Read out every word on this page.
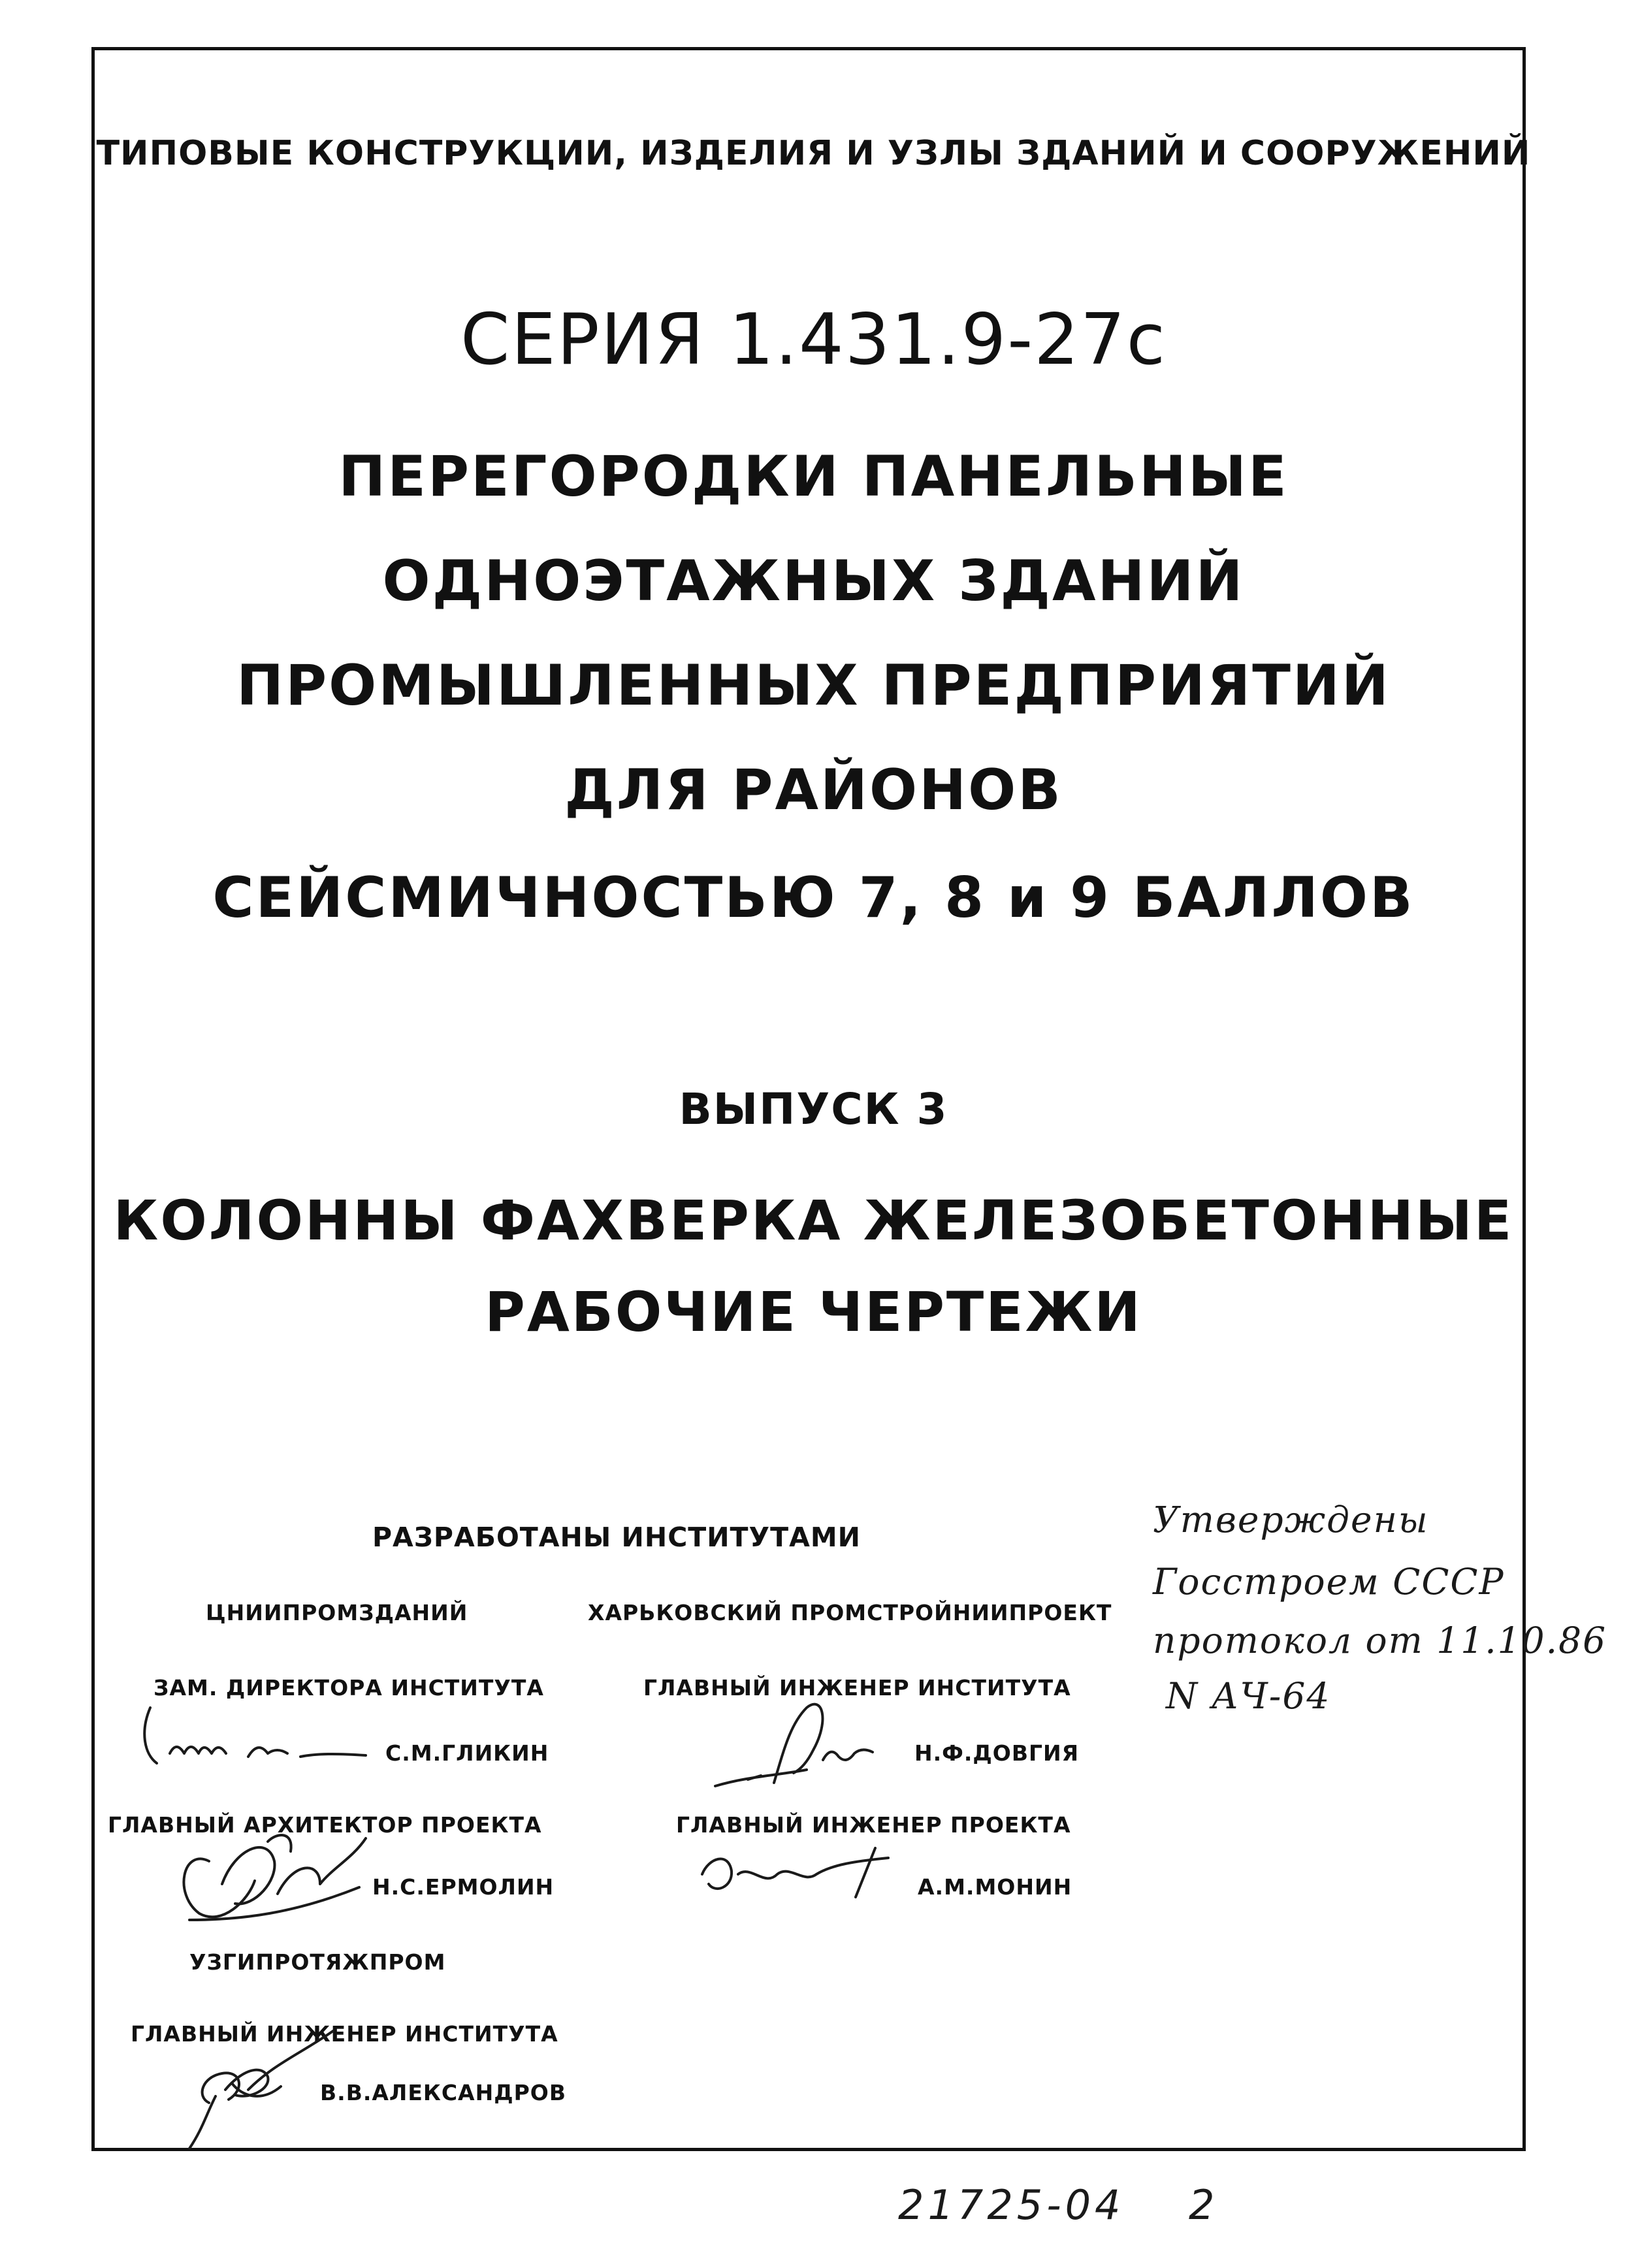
ТИПОВЫЕ КОНСТРУКЦИИ, ИЗДЕЛИЯ И УЗЛЫ ЗДАНИЙ И СООРУЖЕНИЙ
СЕРИЯ 1.431.9-27с
ПЕРЕГОРОДКИ ПАНЕЛЬНЫЕ
ОДНОЭТАЖНЫХ ЗДАНИЙ
ПРОМЫШЛЕННЫХ ПРЕДПРИЯТИЙ
ДЛЯ РАЙОНОВ
СЕЙСМИЧНОСТЬЮ 7, 8 и 9 БАЛЛОВ
ВЫПУСК 3
КОЛОННЫ ФАХВЕРКА ЖЕЛЕЗОБЕТОННЫЕ
РАБОЧИЕ ЧЕРТЕЖИ
РАЗРАБОТАНЫ ИНСТИТУТАМИ
ЦНИИПРОМЗДАНИЙ	ХАРЬКОВСКИЙ ПРОМСТРОЙНИИПРОЕКТ
ЗАМ. ДИРЕКТОРА ИНСТИТУТА	ГЛАВНЫЙ ИНЖЕНЕР ИНСТИТУТА
С.М.ГЛИКИН	Н.Ф.ДОВГИЯ
ГЛАВНЫЙ АРХИТЕКТОР ПРОЕКТА	ГЛАВНЫЙ ИНЖЕНЕР ПРОЕКТА
Н.С.ЕРМОЛИН	А.М.МОНИН
УЗГИПРОТЯЖПРОМ
ГЛАВНЫЙ ИНЖЕНЕР ИНСТИТУТА
В.В.АЛЕКСАНДРОВ
Утверждены
Госстроем СССР
протокол от 11.10.86
N АЧ-64
21725-04 2
